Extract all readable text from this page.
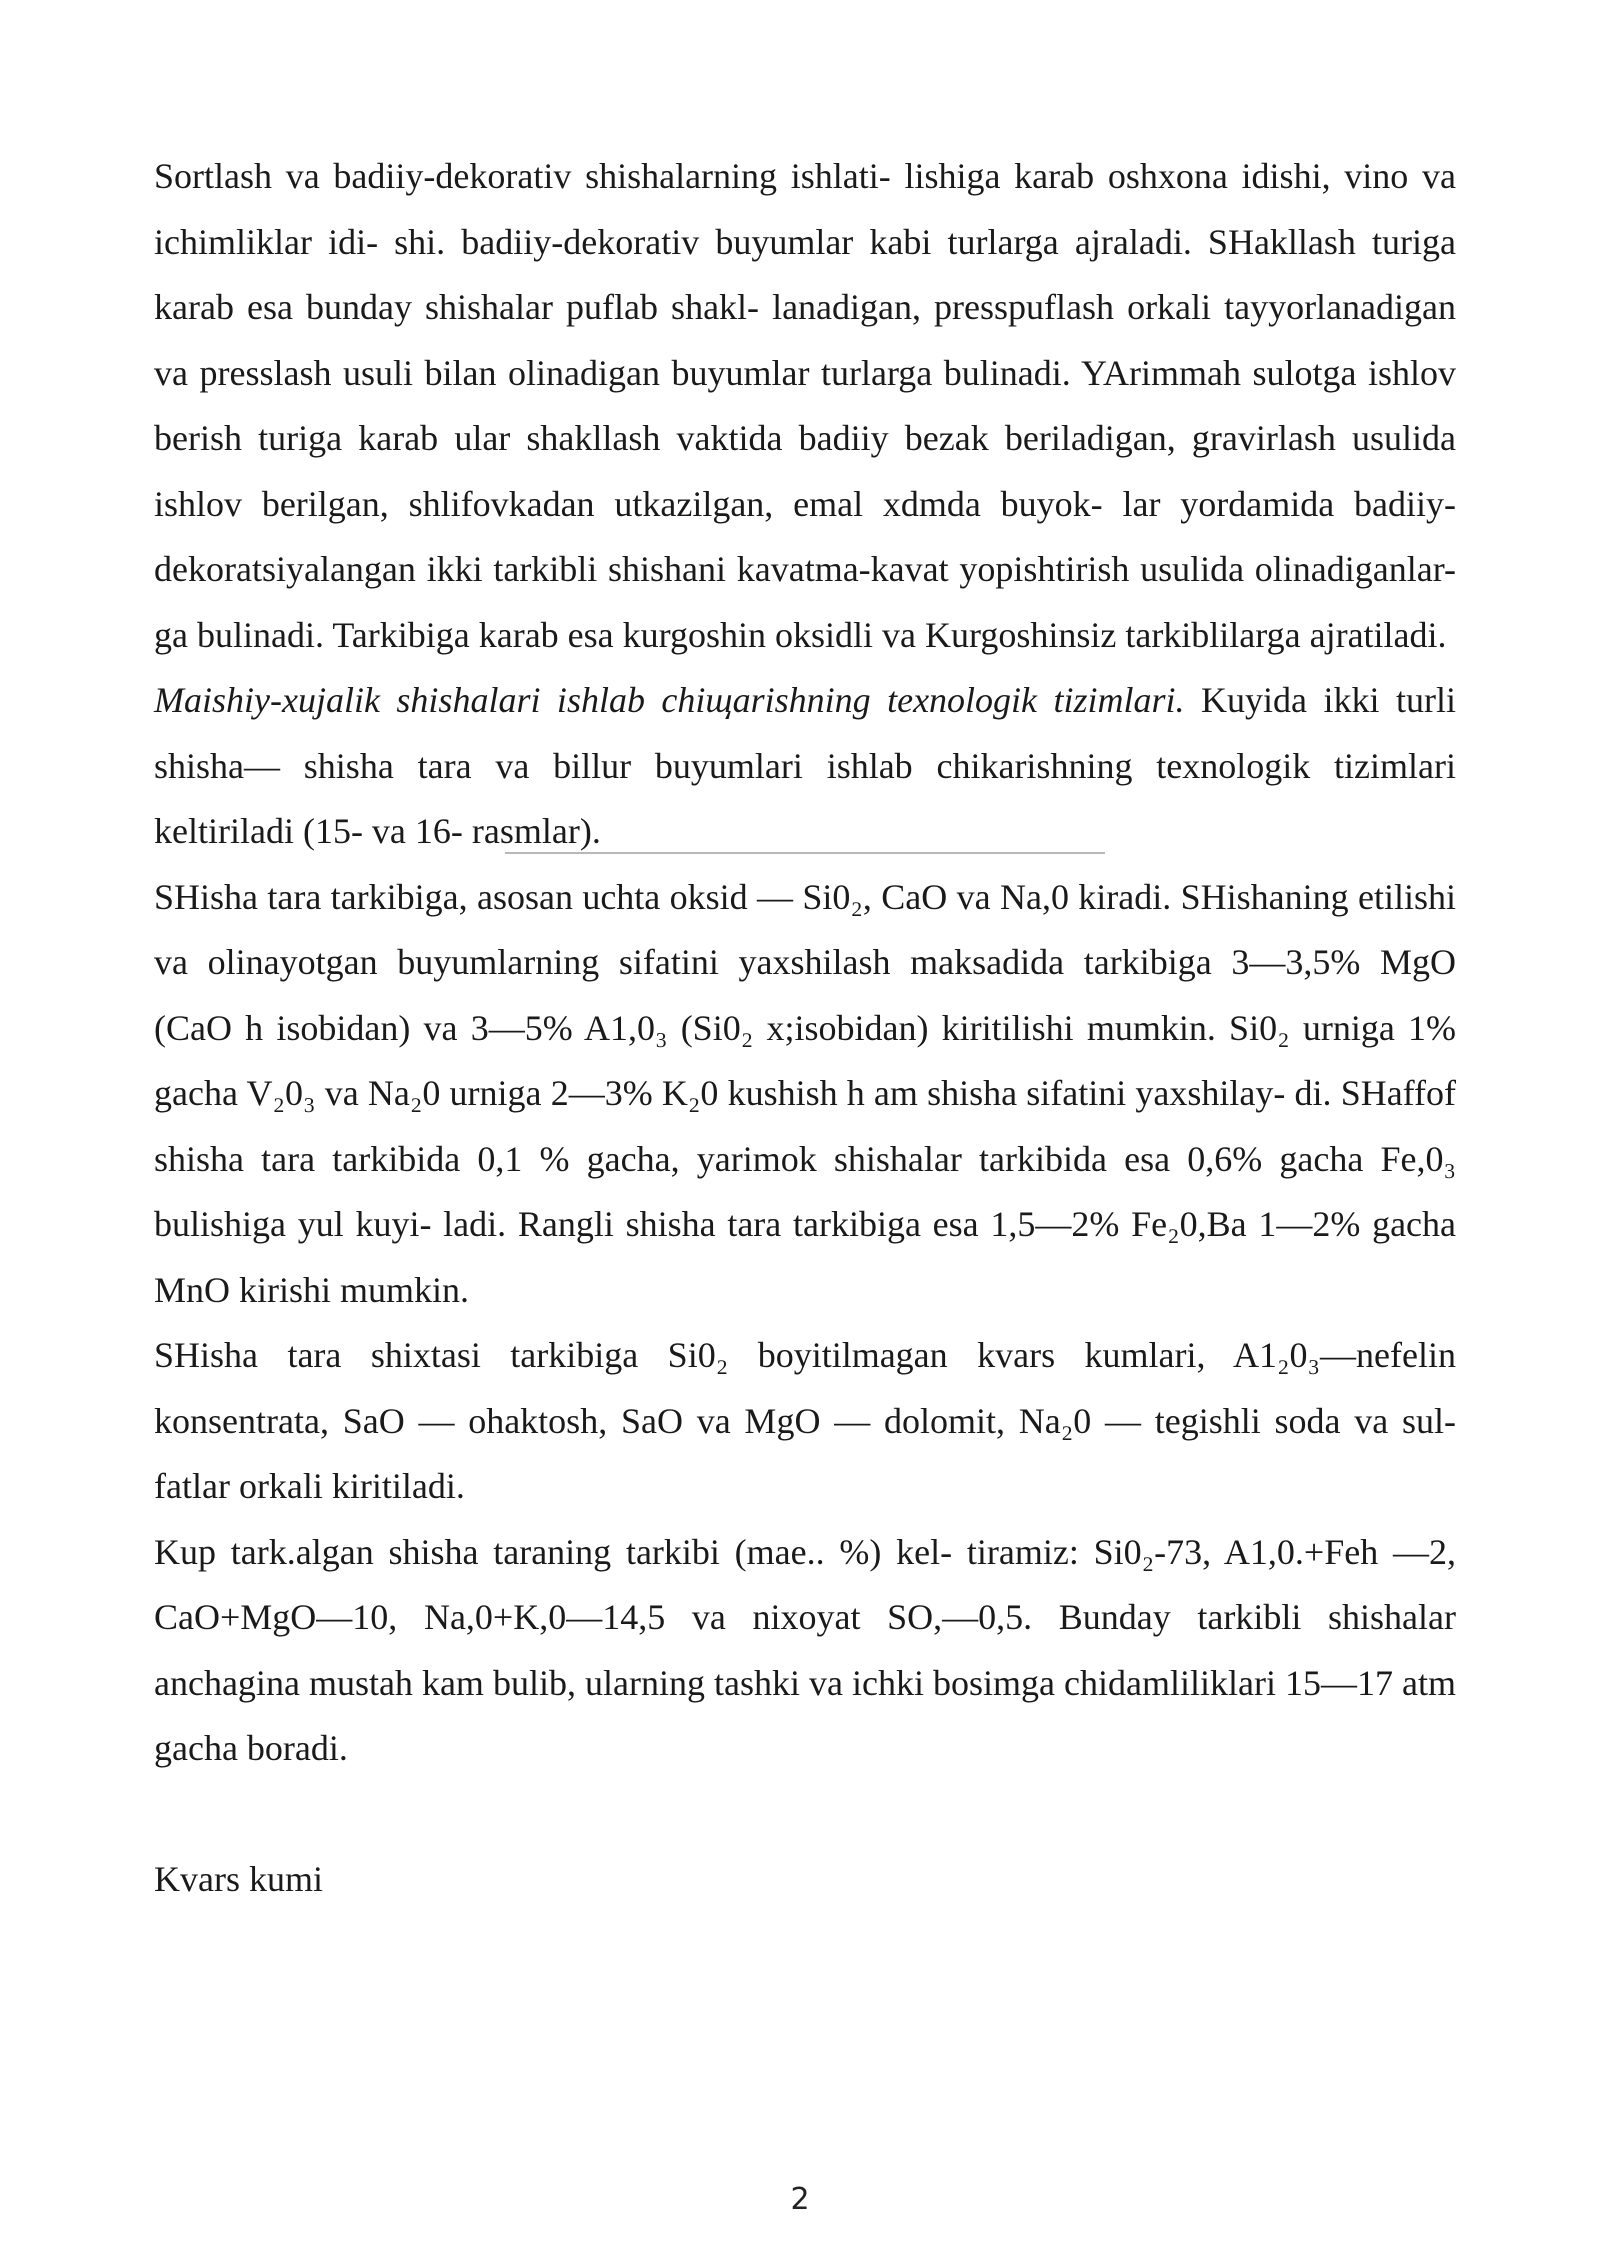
Sortlash va badiiy-dekorativ shishalarning ishlati- lishiga karab oshxona idishi, vino va ichimliklar idi- shi. badiiy-dekorativ buyumlar kabi turlarga ajraladi. SHakllash turiga karab esa bunday shishalar puflab shakl- lanadigan, presspuflash orkali tayyorlanadigan va presslash usuli bilan olinadigan buyumlar turlarga bulinadi. YArimmah sulotga ishlov berish turiga karab ular shakllash vaktida badiiy bezak beriladigan, gravirlash usulida ishlov berilgan, shlifovkadan utkazilgan, emal xdmda buyok- lar yordamida badiiy-dekoratsiyalangan ikki tarkibli shishani kavatma-kavat yopishtirish usulida olinadiganlar- ga bulinadi. Tarkibiga karab esa kurgoshin oksidli va Kurgoshinsiz tarkiblilarga ajratiladi.

Maishiy-xujalik shishalari ishlab chiщarishning texnologik tizimlari. Kuyida ikki turli shisha— shisha tara va billur buyumlari ishlab chikarishning texnologik tizimlari keltiriladi (15- va 16- rasmlar).

SHisha tara tarkibiga, asosan uchta oksid — Si0₂, CaO va Na,0 kiradi. SHishaning etilishi va olinayotgan buyumlarning sifatini yaxshilash maksadida tarkibiga 3—3,5% MgO (CaO h isobidan) va 3—5% A1,0₃ (Si0₂ x;isobidan) kiritilishi mumkin. Si0₂ urniga 1% gacha V₂0₃ va Na₂0 urniga 2—3% K₂0 kushish h am shisha sifatini yaxshilay- di. SHaffof shisha tara tarkibida 0,1 % gacha, yarimok shishalar tarkibida esa 0,6% gacha Fe,0₃ bulishiga yul kuyi- ladi. Rangli shisha tara tarkibiga esa 1,5—2% Fe₂0,Ba 1—2% gacha MnO kirishi mumkin.

SHisha tara shixtasi tarkibiga Si0₂ boyitilmagan kvars kumlari, A1₂0₃—nefelin konsentrata, SaO — ohaktosh, SaO va MgO — dolomit, Na₂0 — tegishli soda va sul- fatlar orkali kiritiladi.

Kup tark.algan shisha taraning tarkibi (mae.. %) kel- tiramiz: Si0₂-73, A1,0.+Feh —2, CaO+MgO—10, Na,0+K,0—14,5 va nixoyat SO,—0,5. Bunday tarkibli shishalar anchagina mustah kam bulib, ularning tashki va ichki bosimga chidamliliklari 15—17 atm gacha boradi.

Kvars kumi

2
